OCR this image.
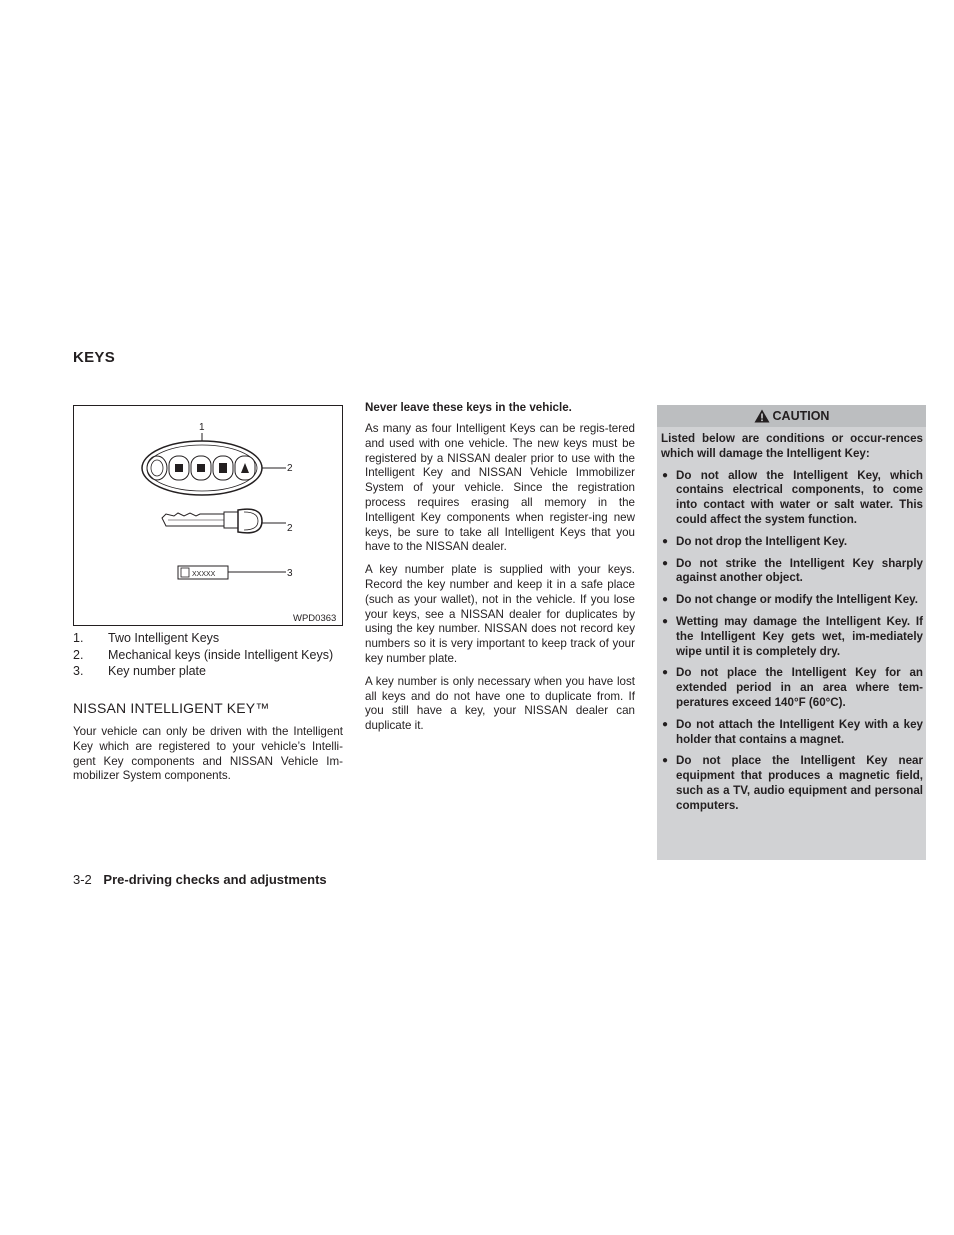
KEYS
1
2
2
XXXXX	3
WPD0363
1.	Two Intelligent Keys
2.	Mechanical keys (inside Intelligent Keys)
3.	Key number plate
NISSAN INTELLIGENT KEY™

Your vehicle can only be driven with the Intelligent Key which are registered to your vehicle’s Intelli-gent Key components and NISSAN Vehicle Im-mobilizer System components.

Never leave these keys in the vehicle.

As many as four Intelligent Keys can be regis-tered and used with one vehicle. The new keys must be registered by a NISSAN dealer prior to use with the Intelligent Key and NISSAN Vehicle Immobilizer System of your vehicle. Since the registration process requires erasing all memory in the Intelligent Key components when register-ing new keys, be sure to take all Intelligent Keys that you have to the NISSAN dealer.

A key number plate is supplied with your keys. Record the key number and keep it in a safe place (such as your wallet), not in the vehicle. If you lose your keys, see a NISSAN dealer for duplicates by using the key number. NISSAN does not record key numbers so it is very important to keep track of your key number plate.

A key number is only necessary when you have lost all keys and do not have one to duplicate from. If you still have a key, your NISSAN dealer can duplicate it.

CAUTION

Listed below are conditions or occur-rences which will damage the Intelligent Key:

● Do not allow the Intelligent Key, which contains electrical components, to come into contact with water or salt water. This could affect the system function.
● Do not drop the Intelligent Key.
● Do not strike the Intelligent Key sharply against another object.
● Do not change or modify the Intelligent Key.
● Wetting may damage the Intelligent Key. If the Intelligent Key gets wet, im-mediately wipe until it is completely dry.
● Do not place the Intelligent Key for an extended period in an area where tem-peratures exceed 140°F (60°C).
● Do not attach the Intelligent Key with a key holder that contains a magnet.
● Do not place the Intelligent Key near equipment that produces a magnetic field, such as a TV, audio equipment and personal computers.
3-2 Pre-driving checks and adjustments
